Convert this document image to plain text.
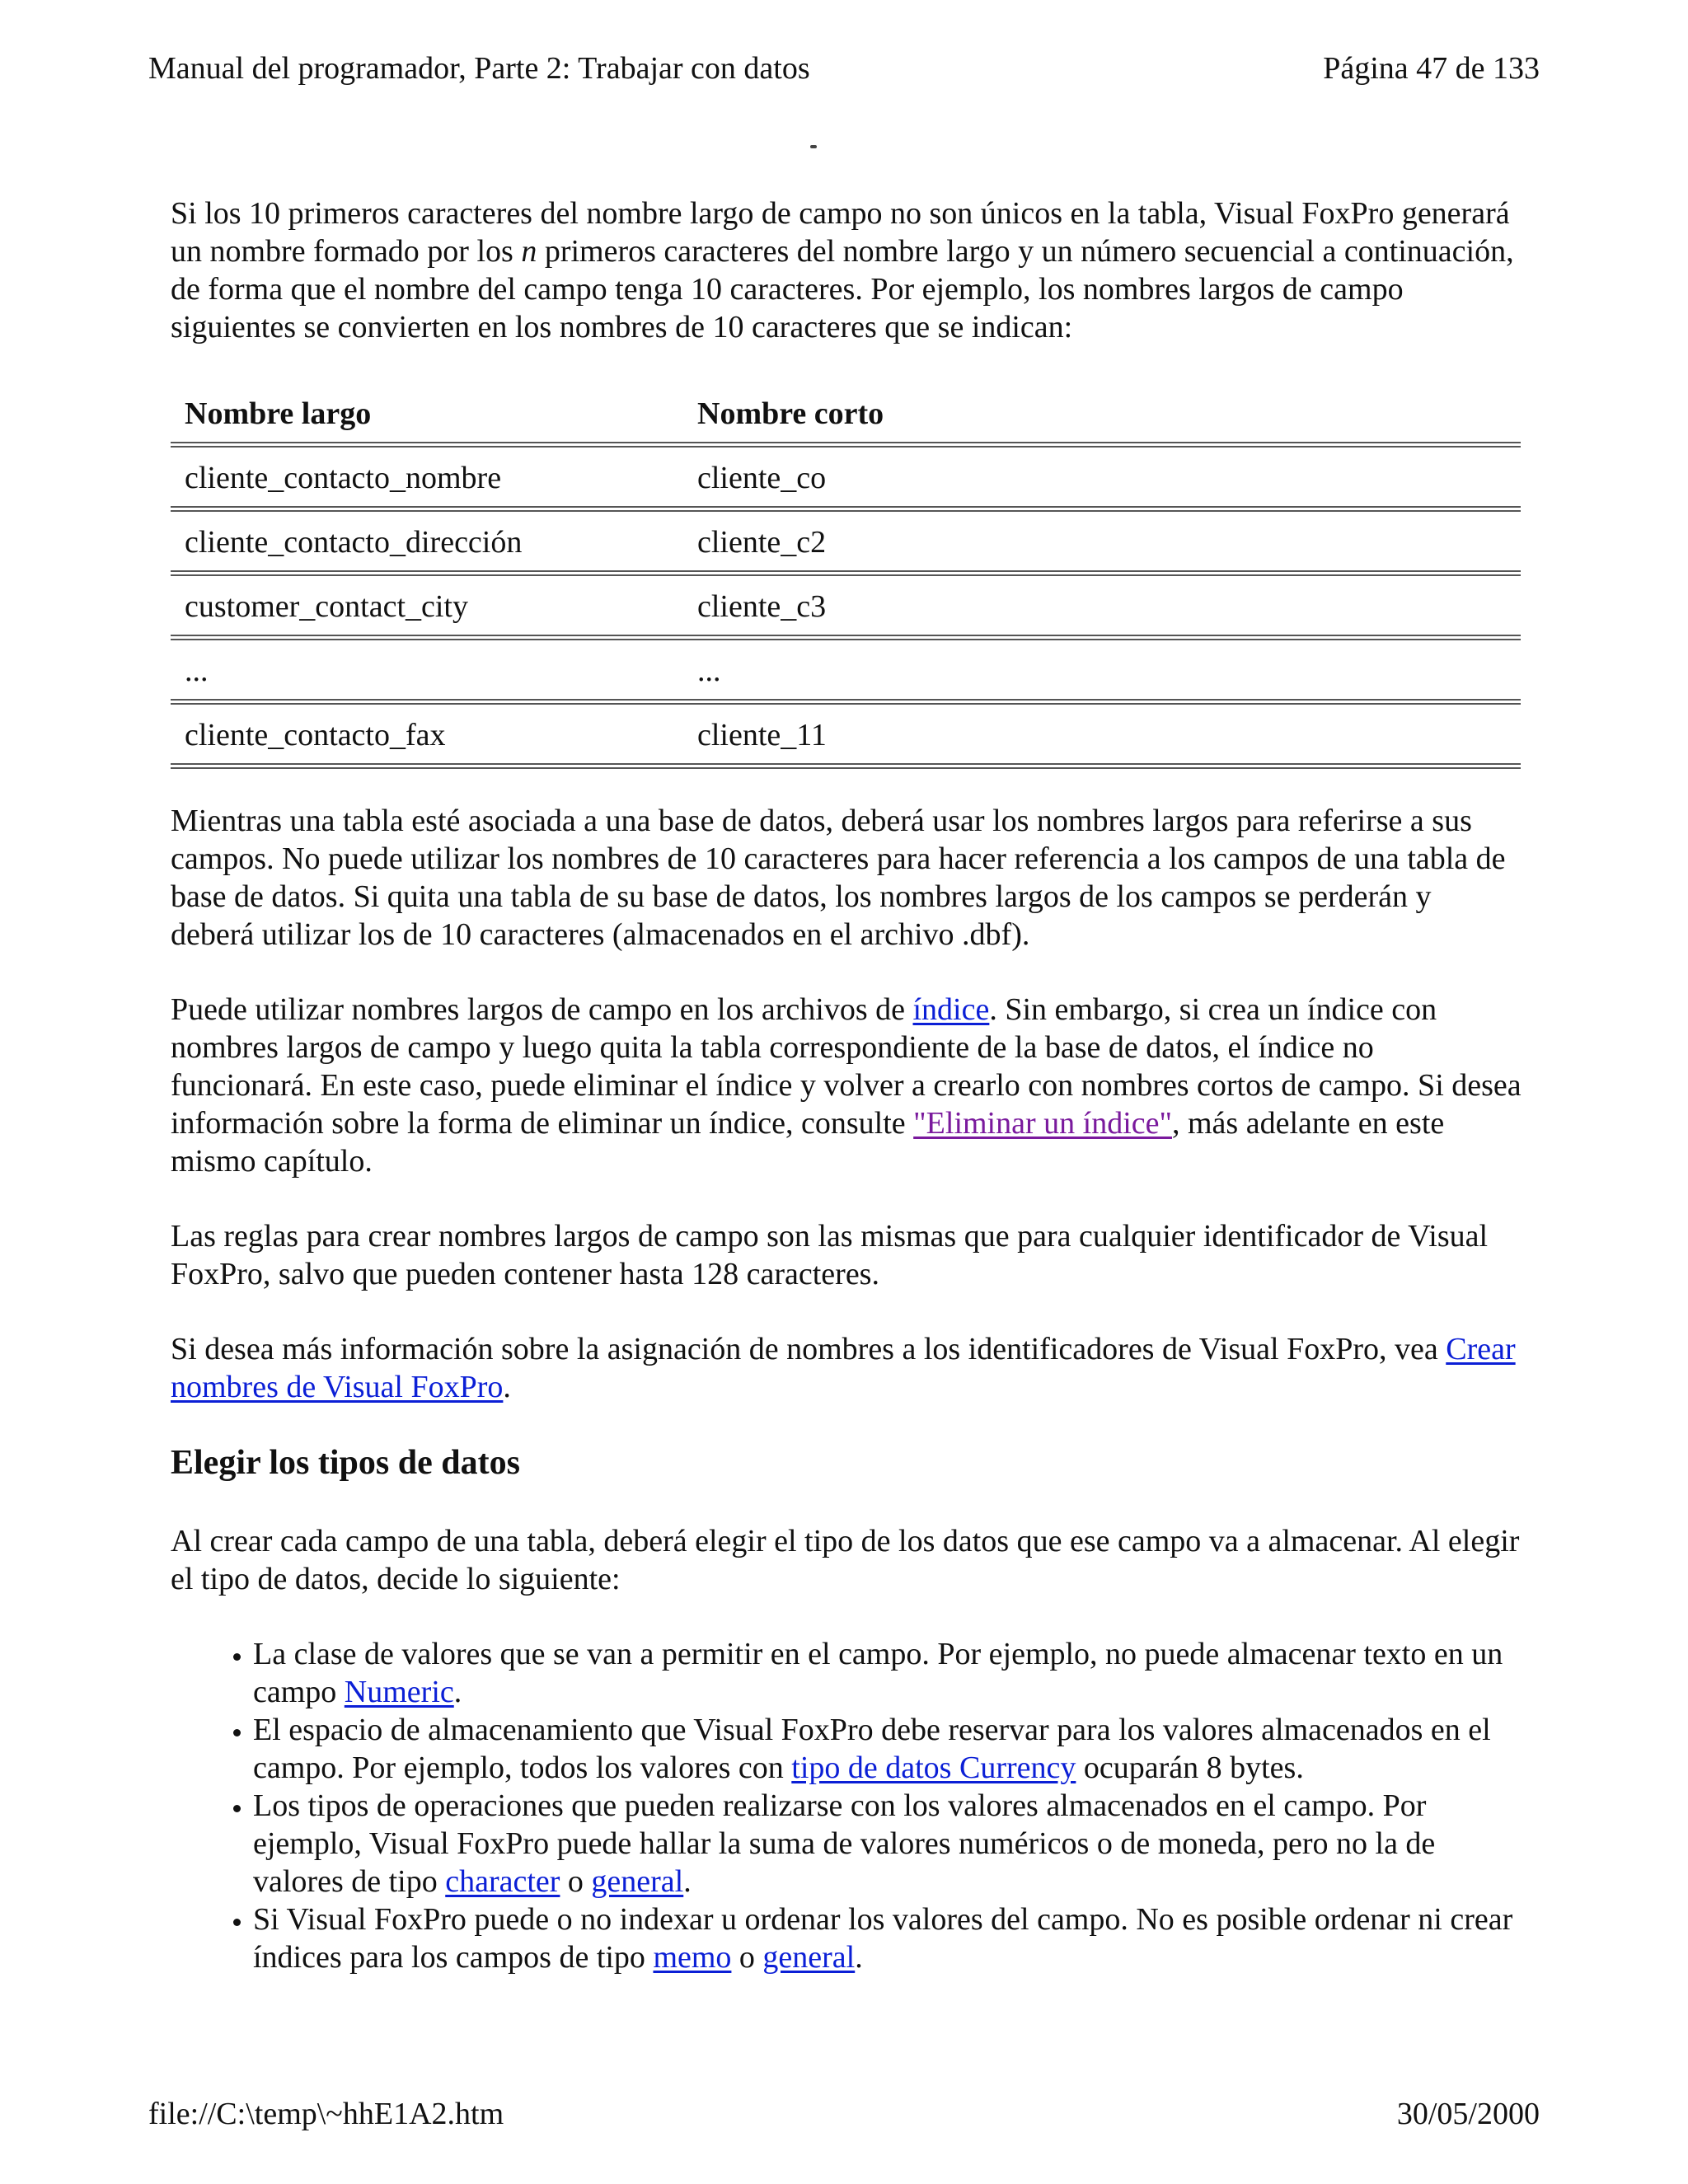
Manual del programador, Parte 2: Trabajar con datos	Página 47 de 133

Si los 10 primeros caracteres del nombre largo de campo no son únicos en la tabla, Visual FoxPro generará un nombre formado por los n primeros caracteres del nombre largo y un número secuencial a continuación, de forma que el nombre del campo tenga 10 caracteres. Por ejemplo, los nombres largos de campo siguientes se convierten en los nombres de 10 caracteres que se indican:

Nombre largo	Nombre corto
cliente_contacto_nombre	cliente_co
cliente_contacto_dirección	cliente_c2
customer_contact_city	cliente_c3
...	...
cliente_contacto_fax	cliente_11

Mientras una tabla esté asociada a una base de datos, deberá usar los nombres largos para referirse a sus campos. No puede utilizar los nombres de 10 caracteres para hacer referencia a los campos de una tabla de base de datos. Si quita una tabla de su base de datos, los nombres largos de los campos se perderán y deberá utilizar los de 10 caracteres (almacenados en el archivo .dbf).

Puede utilizar nombres largos de campo en los archivos de índice. Sin embargo, si crea un índice con nombres largos de campo y luego quita la tabla correspondiente de la base de datos, el índice no funcionará. En este caso, puede eliminar el índice y volver a crearlo con nombres cortos de campo. Si desea información sobre la forma de eliminar un índice, consulte "Eliminar un índice", más adelante en este mismo capítulo.

Las reglas para crear nombres largos de campo son las mismas que para cualquier identificador de Visual FoxPro, salvo que pueden contener hasta 128 caracteres.

Si desea más información sobre la asignación de nombres a los identificadores de Visual FoxPro, vea Crear nombres de Visual FoxPro.

Elegir los tipos de datos

Al crear cada campo de una tabla, deberá elegir el tipo de los datos que ese campo va a almacenar. Al elegir el tipo de datos, decide lo siguiente:

• La clase de valores que se van a permitir en el campo. Por ejemplo, no puede almacenar texto en un campo Numeric.
• El espacio de almacenamiento que Visual FoxPro debe reservar para los valores almacenados en el campo. Por ejemplo, todos los valores con tipo de datos Currency ocuparán 8 bytes.
• Los tipos de operaciones que pueden realizarse con los valores almacenados en el campo. Por ejemplo, Visual FoxPro puede hallar la suma de valores numéricos o de moneda, pero no la de valores de tipo character o general.
• Si Visual FoxPro puede o no indexar u ordenar los valores del campo. No es posible ordenar ni crear índices para los campos de tipo memo o general.
file://C:\temp\~hhE1A2.htm	30/05/2000
